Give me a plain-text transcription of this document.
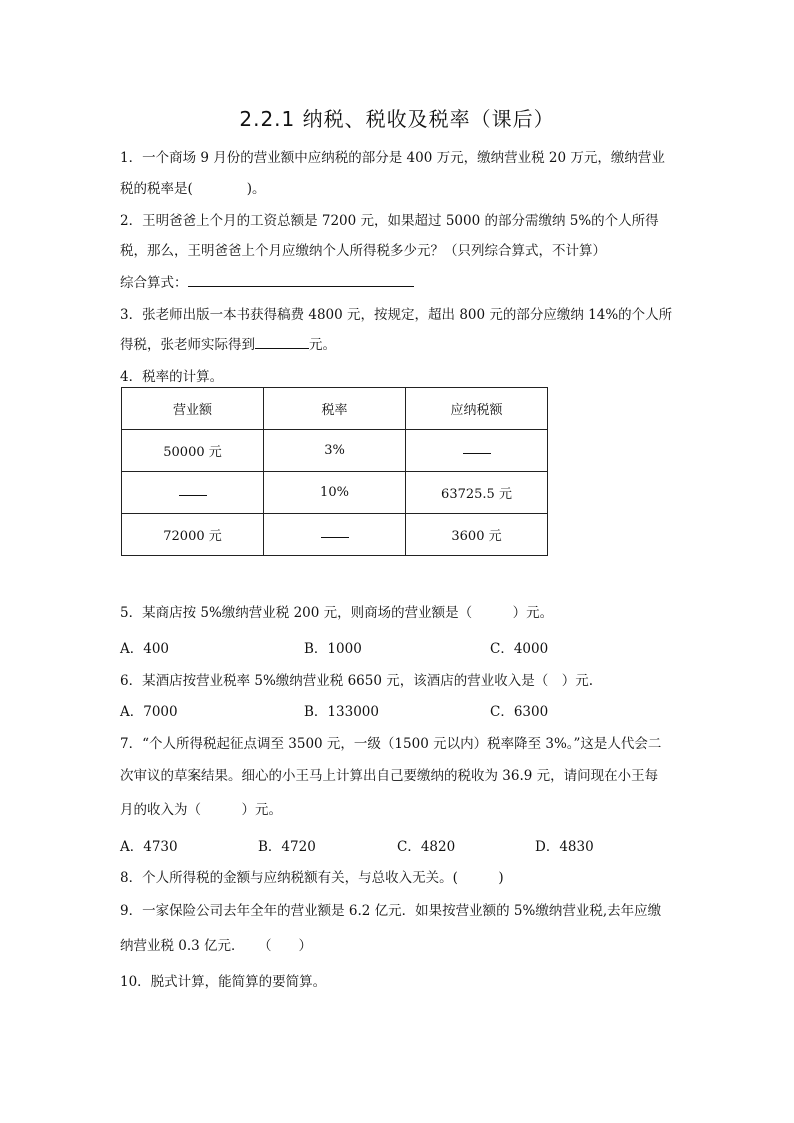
2.2.1 纳税、税收及税率（课后）
1．一个商场 9 月份的营业额中应纳税的部分是 400 万元，缴纳营业税 20 万元，缴纳营业
税的税率是(　　　　)。
2．王明爸爸上个月的工资总额是 7200 元，如果超过 5000 的部分需缴纳 5%的个人所得
税，那么，王明爸爸上个月应缴纳个人所得税多少元？（只列综合算式，不计算）
综合算式：
3．张老师出版一本书获得稿费 4800 元，按规定，超出 800 元的部分应缴纳 14%的个人所
得税，张老师实际得到	元。
4．税率的计算。
营业额	税率	应纳税额
50000 元	3%	
	10%	63725.5 元
72000 元		3600 元
5．某商店按 5%缴纳营业税 200 元，则商场的营业额是（　　　）元。
A．400	B．1000	C．4000
6．某酒店按营业税率 5%缴纳营业税 6650 元，该酒店的营业收入是（　）元.
A．7000	B．133000	C．6300
7．“个人所得税起征点调至 3500 元，一级（1500 元以内）税率降至 3%。”这是人代会二
次审议的草案结果。细心的小王马上计算出自己要缴纳的税收为 36.9 元，请问现在小王每
月的收入为（　　　）元。
A．4730	B．4720	C．4820	D．4830
8．个人所得税的金额与应纳税额有关，与总收入无关。(　　　)
9．一家保险公司去年全年的营业额是 6.2 亿元．如果按营业额的 5%缴纳营业税,去年应缴
纳营业税 0.3 亿元．　　（　　）
10．脱式计算，能简算的要简算。
